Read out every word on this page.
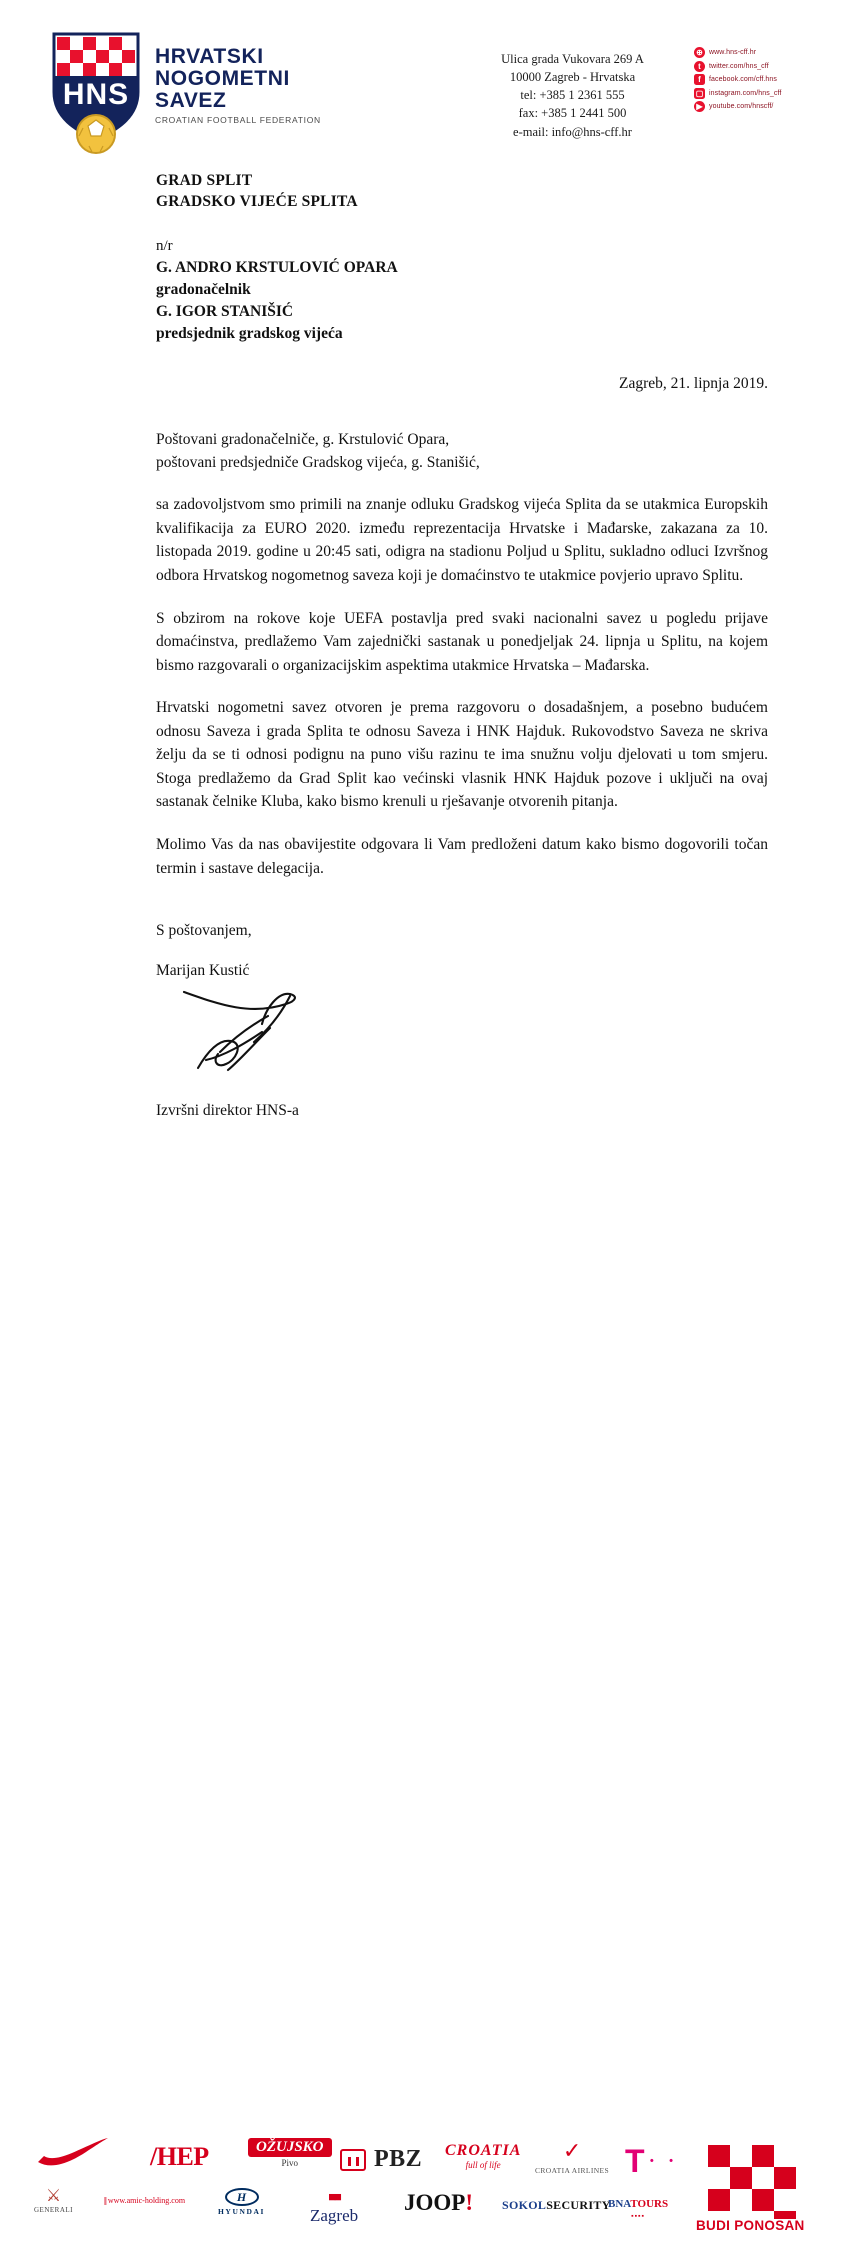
HNS
HRVATSKI
NOGOMETNI
SAVEZ
CROATIAN FOOTBALL FEDERATION
Ulica grada Vukovara 269 A
10000 Zagreb - Hrvatska
tel: +385 1 2361 555
fax: +385 1 2441 500
e-mail: info@hns-cff.hr
⊕ www.hns-cff.hr
t	twitter.com/hns_cff
f	facebook.com/cff.hns
▢ instagram.com/hns_cff
▶ youtube.com/hnscff/
GRAD SPLIT
GRADSKO VIJEĆE SPLITA
n/r
G. ANDRO KRSTULOVIĆ OPARA
gradonačelnik
G. IGOR STANIŠIĆ
predsjednik gradskog vijeća
Zagreb, 21. lipnja 2019.
Poštovani gradonačelniče, g. Krstulović Opara,
poštovani predsjedniče Gradskog vijeća, g. Stanišić,

sa zadovoljstvom smo primili na znanje odluku Gradskog vijeća Splita da se utakmica Europskih kvalifikacija za EURO 2020. između reprezentacija Hrvatske i Mađarske, zakazana za 10. listopada 2019. godine u 20:45 sati, odigra na stadionu Poljud u Splitu, sukladno odluci Izvršnog odbora Hrvatskog nogometnog saveza koji je domaćinstvo te utakmice povjerio upravo Splitu.

S obzirom na rokove koje UEFA postavlja pred svaki nacionalni savez u pogledu prijave domaćinstva, predlažemo Vam zajednički sastanak u ponedjeljak 24. lipnja u Splitu, na kojem bismo razgovarali o organizacijskim aspektima utakmice Hrvatska – Mađarska.

Hrvatski nogometni savez otvoren je prema razgovoru o dosadašnjem, a posebno budućem odnosu Saveza i grada Splita te odnosu Saveza i HNK Hajduk. Rukovodstvo Saveza ne skriva želju da se ti odnosi podignu na puno višu razinu te ima snužnu volju djelovati u tom smjeru. Stoga predlažemo da Grad Split kao većinski vlasnik HNK Hajduk pozove i uključi na ovaj sastanak čelnike Kluba, kako bismo krenuli u rješavanje otvorenih pitanja.

Molimo Vas da nas obavijestite odgovara li Vam predloženi datum kako bismo dogovorili točan termin i sastave delegacija.

S poštovanjem,
Marijan Kustić
Izvršni direktor HNS-a
/HEP	OŽUJSKO
Pivo	PBZ CROATIA
full of life
✓
CROATIA AIRLINES T · ·
⚔
GENERALI
||| www.amic-holding.com	H
HYUNDAI
■■
Zagreb
JOOP! SOKOLSECURITY
BNATOURS
▪▪▪▪
BUDI PONOSAN
